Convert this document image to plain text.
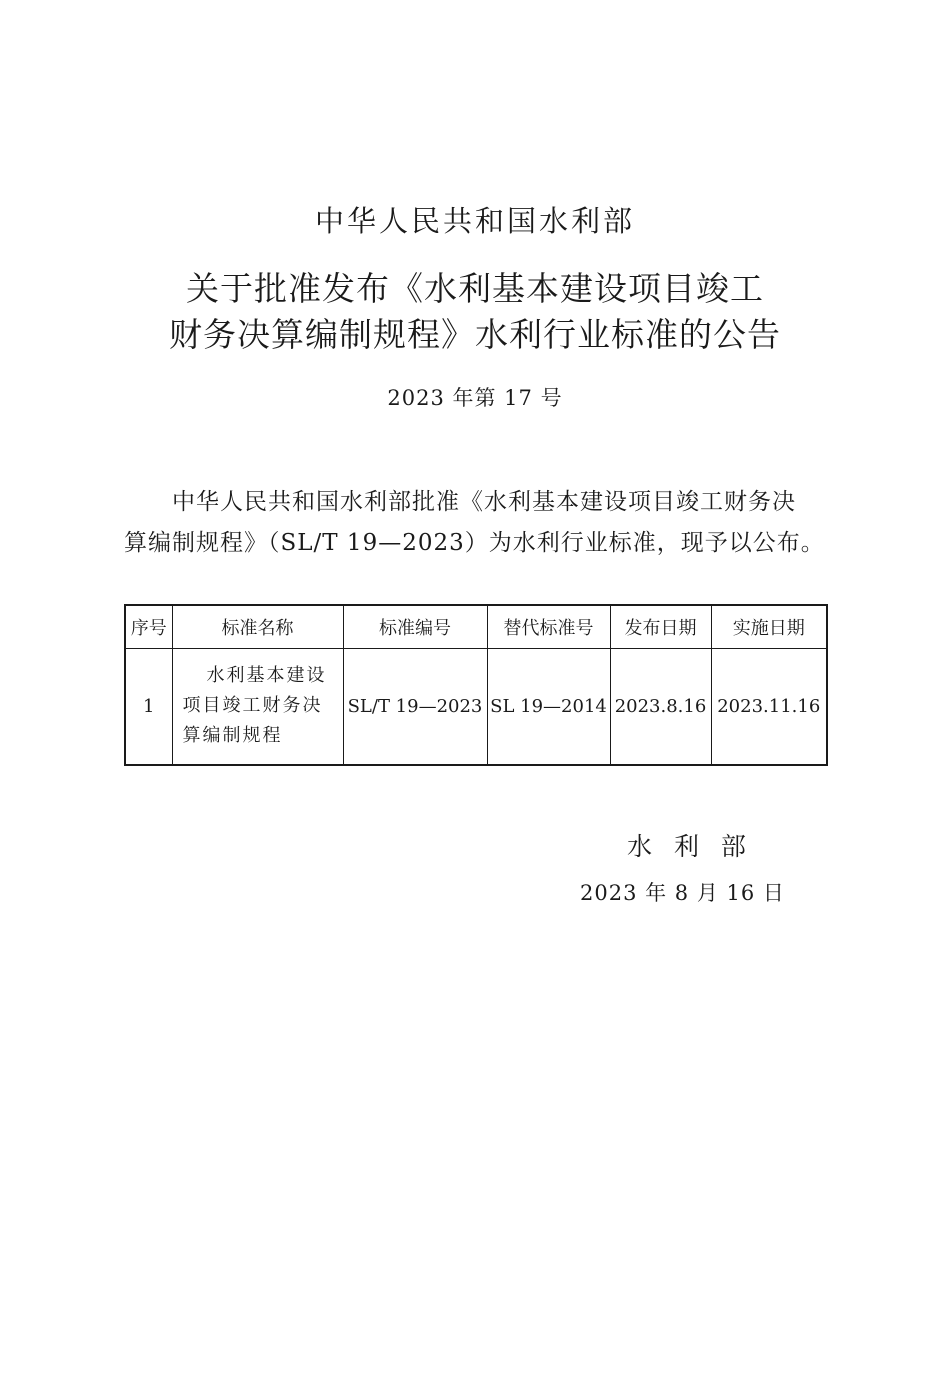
中华人民共和国水利部
关于批准发布《水利基本建设项目竣工
财务决算编制规程》水利行业标准的公告
2023 年第 17 号
中华人民共和国水利部批准《水利基本建设项目竣工财务决
算编制规程》（SL/T 19—2023）为水利行业标准，现予以公布。
序号	标准名称	标准编号	替代标准号	发布日期	实施日期
1	水利基本建设
项目竣工财务决
算编制规程	SL/T 19—2023	SL 19—2014	2023.8.16	2023.11.16
水 利 部
2023 年 8 月 16 日
